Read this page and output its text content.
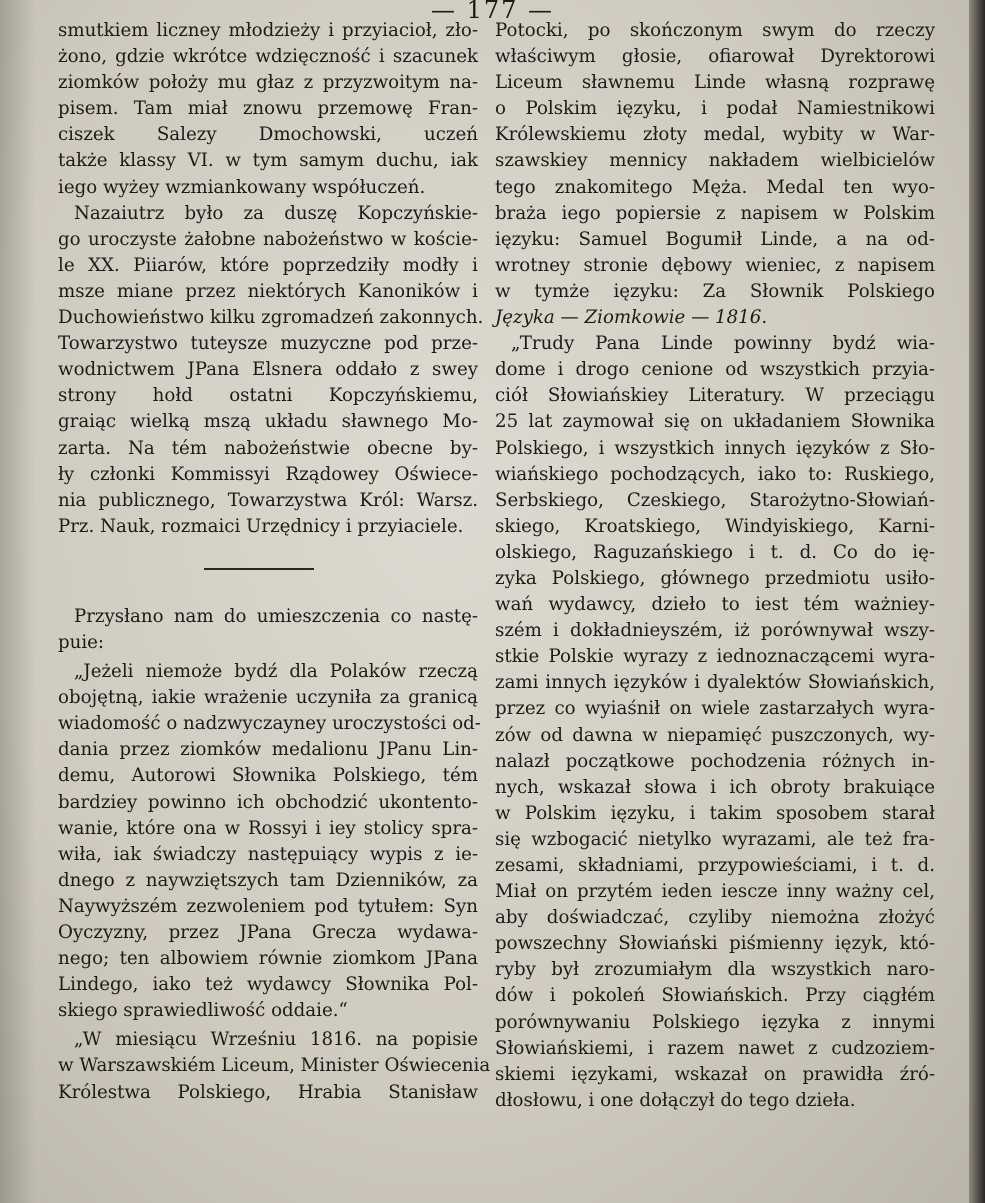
— 177 —

smutkiem liczney młodzieży i przyiacioł, zło-
żono, gdzie wkrótce wdzięczność i szacunek
ziomków położy mu głaz z przyzwoitym na-
pisem. Tam miał znowu przemowę Fran-
ciszek Salezy Dmochowski, uczeń
także klassy VI. w tym samym duchu, iak
iego wyżey wzmiankowany współuczeń.

Nazaiutrz było za duszę Kopczyńskie-
go uroczyste żałobne nabożeństwo w koście-
le XX. Piiarów, które poprzedziły modły i
msze miane przez niektórych Kanoników i
Duchowieństwo kilku zgromadzeń zakonnych.
Towarzystwo tuteysze muzyczne pod prze-
wodnictwem JPana Elsnera oddało z swey
strony hołd ostatni Kopczyńskiemu,
graiąc wielką mszą układu sławnego Mo-
zarta. Na tém nabożeństwie obecne by-
ły członki Kommissyi Rządowey Oświece-
nia publicznego, Towarzystwa Król: Warsz.
Prz. Nauk, rozmaici Urzędnicy i przyiaciele.

Przysłano nam do umieszczenia co nastę-
puie:

„Jeżeli niemoże bydź dla Polaków rzeczą
obojętną, iakie wrażenie uczyniła za granicą
wiadomość o nadzwyczayney uroczystości od-
dania przez ziomków medalionu JPanu Lin-
demu, Autorowi Słownika Polskiego, tém
bardziey powinno ich obchodzić ukontento-
wanie, które ona w Rossyi i iey stolicy spra-
wiła, iak świadczy następuiący wypis z ie-
dnego z naywziętszych tam Dzienników, za
Naywyższém zezwoleniem pod tytułem: Syn
Oyczyzny, przez JPana Grecza wydawa-
nego; ten albowiem równie ziomkom JPana
Lindego, iako też wydawcy Słownika Pol-
skiego sprawiedliwość oddaie.“

„W miesiącu Wrześniu 1816. na popisie
w Warszawskiém Liceum, Minister Oświecenia
Królestwa Polskiego, Hrabia Stanisław

Potocki, po skończonym swym do rzeczy
właściwym głosie, ofiarował Dyrektorowi
Liceum sławnemu Linde własną rozprawę
o Polskim ięzyku, i podał Namiestnikowi
Królewskiemu złoty medal, wybity w War-
szawskiey mennicy nakładem wielbicielów
tego znakomitego Męża. Medal ten wyo-
braża iego popiersie z napisem w Polskim
ięzyku: Samuel Bogumił Linde, a na od-
wrotney stronie dębowy wieniec, z napisem
w tymże ięzyku: Za Słownik Polskiego
Języka — Ziomkowie — 1816.

„Trudy Pana Linde powinny bydź wia-
dome i drogo cenione od wszystkich przyia-
ciół Słowiańskiey Literatury. W przeciągu
25 lat zaymował się on układaniem Słownika
Polskiego, i wszystkich innych ięzyków z Sło-
wiańskiego pochodzących, iako to: Ruskiego,
Serbskiego, Czeskiego, Starożytno-Słowiań-
skiego, Kroatskiego, Windyiskiego, Karni-
olskiego, Raguzańskiego i t. d. Co do ię-
zyka Polskiego, głównego przedmiotu usiło-
wań wydawcy, dzieło to iest tém ważniey-
szém i dokładnieyszém, iż porównywał wszy-
stkie Polskie wyrazy z iednoznaczącemi wyra-
zami innych ięzyków i dyalektów Słowiańskich,
przez co wyiaśnił on wiele zastarzałych wyra-
zów od dawna w niepamięć puszczonych, wy-
nalazł początkowe pochodzenia różnych in-
nych, wskazał słowa i ich obroty brakuiące
w Polskim ięzyku, i takim sposobem starał
się wzbogacić nietylko wyrazami, ale też fra-
zesami, składniami, przypowieściami, i t. d.
Miał on przytém ieden iescze inny ważny cel,
aby doświadczać, czyliby niemożna złożyć
powszechny Słowiański piśmienny ięzyk, któ-
ryby był zrozumiałym dla wszystkich naro-
dów i pokoleń Słowiańskich. Przy ciągłém
porównywaniu Polskiego ięzyka z innymi
Słowiańskiemi, i razem nawet z cudzoziem-
skiemi ięzykami, wskazał on prawidła źró-
dłosłowu, i one dołączył do tego dzieła.
